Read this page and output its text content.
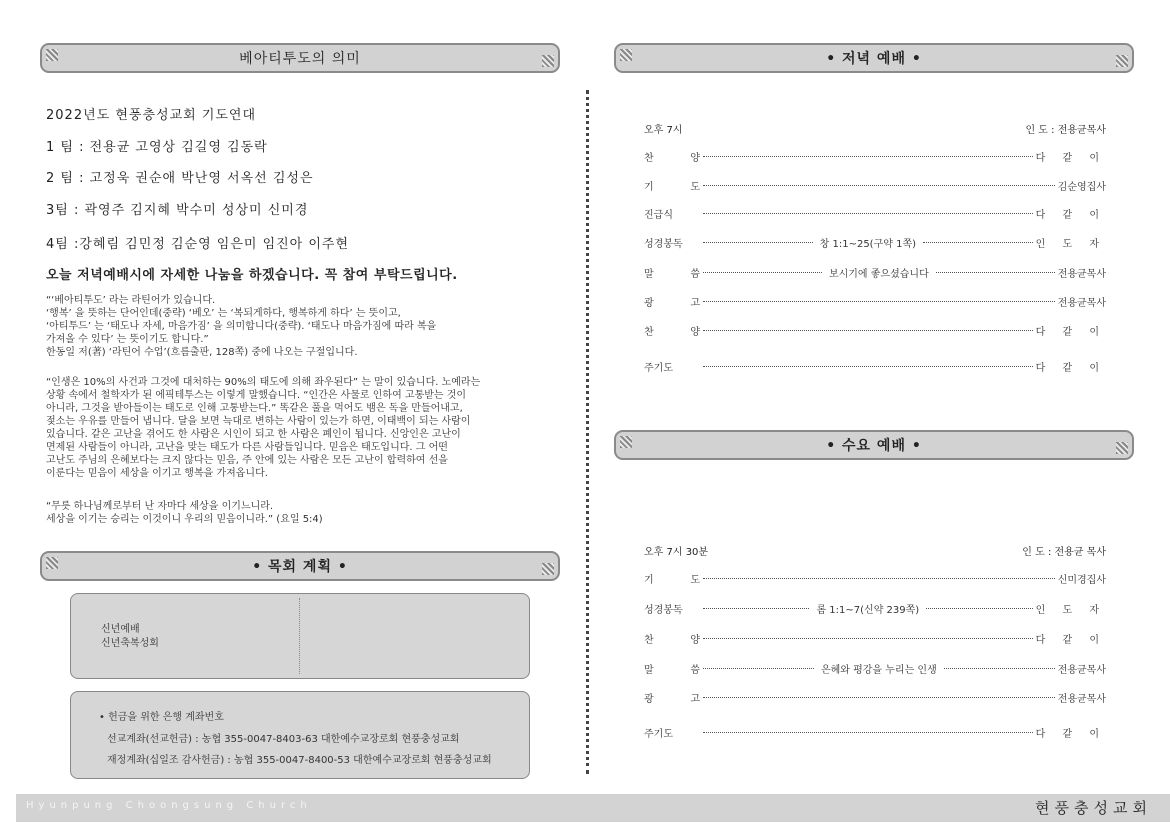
베아티투도의 의미
2022년도 현풍충성교회 기도연대
1 팀 : 전용균 고영상 김길영 김동락
2 팀 : 고정욱 권순애 박난영 서옥선 김성은
3팀 : 곽영주 김지혜 박수미 성상미 신미경
4팀 :강혜림 김민정 김순영 임은미 임진아 이주현
오늘 저녁예배시에 자세한 나눔을 하겠습니다. 꼭 참여 부탁드립니다.
“‘베아티투도’ 라는 라틴어가 있습니다.
‘행복’ 을 뜻하는 단어인데(중략) ‘베오’ 는 ‘복되게하다, 행복하게 하다’ 는 뜻이고,
‘아티투드’ 는 ‘태도나 자세, 마음가짐’ 을 의미합니다(중략). ‘태도나 마음가짐에 따라 복을
가져올 수 있다’ 는 뜻이기도 합니다.”
한동일 저(著) ‘라틴어 수업’(흐름출판, 128쪽) 중에 나오는 구절입니다.
“인생은 10%의 사건과 그것에 대처하는 90%의 태도에 의해 좌우된다” 는 말이 있습니다. 노예라는
상황 속에서 철학자가 된 에픽테투스는 이렇게 말했습니다. “인간은 사물로 인하여 고통받는 것이
아니라, 그것을 받아들이는 태도로 인해 고통받는다.” 똑같은 풀을 먹어도 뱀은 독을 만들어내고,
젖소는 우유를 만들어 냅니다. 달을 보면 늑대로 변하는 사람이 있는가 하면, 이태백이 되는 사람이
있습니다. 같은 고난을 겪어도 한 사람은 시인이 되고 한 사람은 폐인이 됩니다. 신앙인은 고난이
면제된 사람들이 아니라, 고난을 맞는 태도가 다른 사람들입니다. 믿음은 태도입니다. 그 어떤
고난도 주님의 은혜보다는 크지 않다는 믿음, 주 안에 있는 사람은 모든 고난이 합력하여 선을
이룬다는 믿음이 세상을 이기고 행복을 가져옵니다.
“무릇 하나님께로부터 난 자마다 세상을 이기느니라.
세상을 이기는 승리는 이것이니 우리의 믿음이니라.” (요일 5:4)
• 목회 계획 •
신년예배
신년축복성회
• 헌금을 위한 은행 계좌번호
선교계좌(선교헌금) : 농협 355-0047-8403-63 대한예수교장로회 현풍충성교회
재정계좌(십일조 감사헌금) : 농협 355-0047-8400-53 대한예수교장로회 현풍충성교회
• 저녁 예배 •
오후 7시	인 도 : 전용균목사
찬 양	다 같 이
기 도	김순영집사
진급식	다 같 이
성경봉독	창 1:1~25(구약 1쪽)	인 도 자
말 씀	보시기에 좋으셨습니다	전용균목사
광 고	전용균목사
찬 양	다 같 이
주기도	다 같 이
• 수요 예배 •
오후 7시 30분	인 도 : 전용균 목사
기 도	신미경집사
성경봉독	롬 1:1~7(신약 239쪽)	인 도 자
찬 양	다 같 이
말 씀	은혜와 평강을 누리는 인생	전용균목사
광 고	전용균목사
주기도	다 같 이
Hyunpung Choongsung Church	현풍충성교회
